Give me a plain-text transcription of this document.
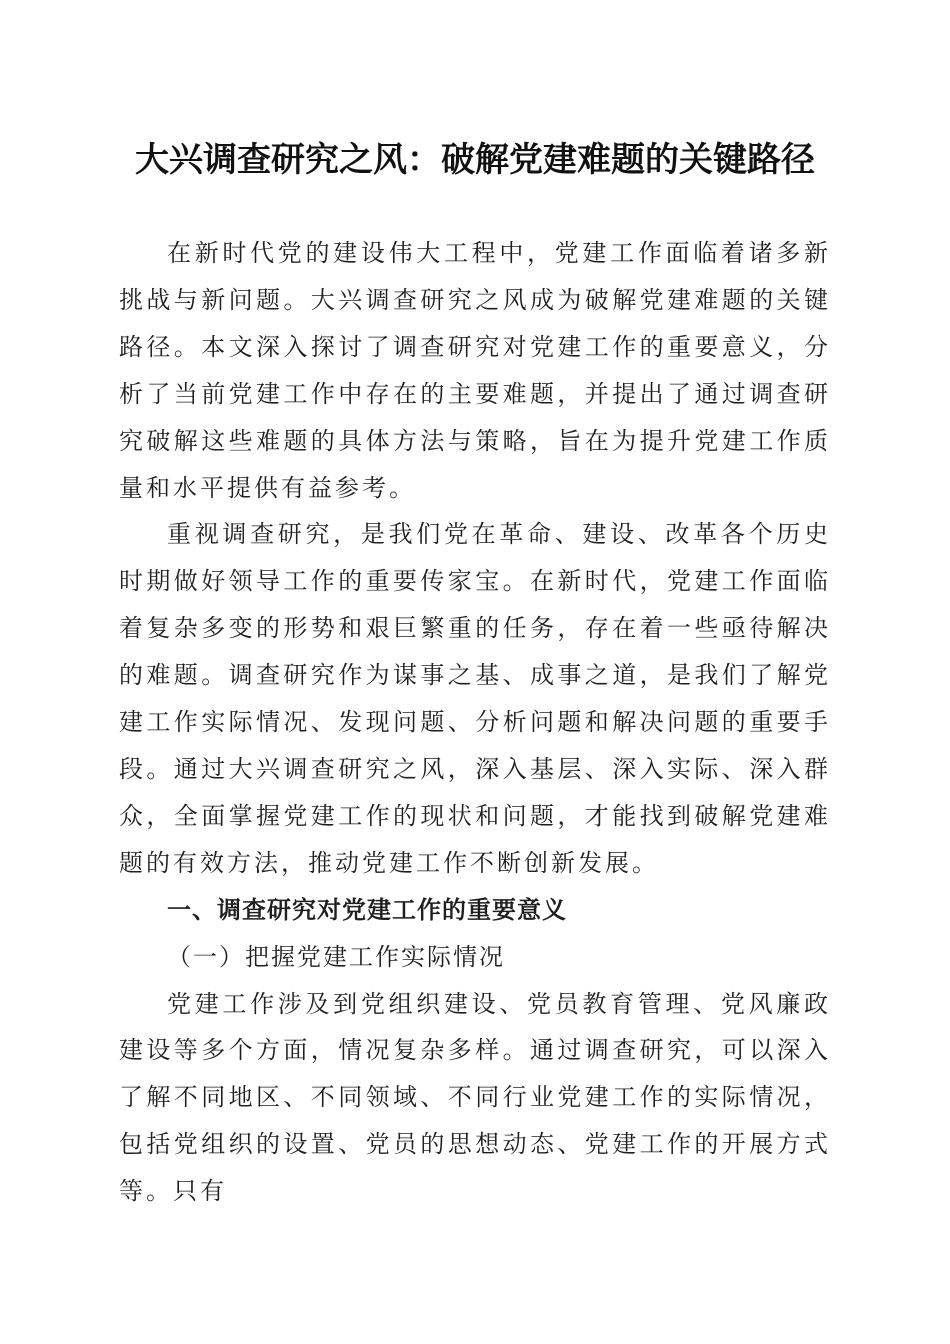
大兴调查研究之风：破解党建难题的关键路径

在新时代党的建设伟大工程中，党建工作面临着诸多新挑战与新问题。大兴调查研究之风成为破解党建难题的关键路径。本文深入探讨了调查研究对党建工作的重要意义，分析了当前党建工作中存在的主要难题，并提出了通过调查研究破解这些难题的具体方法与策略，旨在为提升党建工作质量和水平提供有益参考。

重视调查研究，是我们党在革命、建设、改革各个历史时期做好领导工作的重要传家宝。在新时代，党建工作面临着复杂多变的形势和艰巨繁重的任务，存在着一些亟待解决的难题。调查研究作为谋事之基、成事之道，是我们了解党建工作实际情况、发现问题、分析问题和解决问题的重要手段。通过大兴调查研究之风，深入基层、深入实际、深入群众，全面掌握党建工作的现状和问题，才能找到破解党建难题的有效方法，推动党建工作不断创新发展。

一、调查研究对党建工作的重要意义

（一）把握党建工作实际情况

党建工作涉及到党组织建设、党员教育管理、党风廉政建设等多个方面，情况复杂多样。通过调查研究，可以深入了解不同地区、不同领域、不同行业党建工作的实际情况，包括党组织的设置、党员的思想动态、党建工作的开展方式等。只有
